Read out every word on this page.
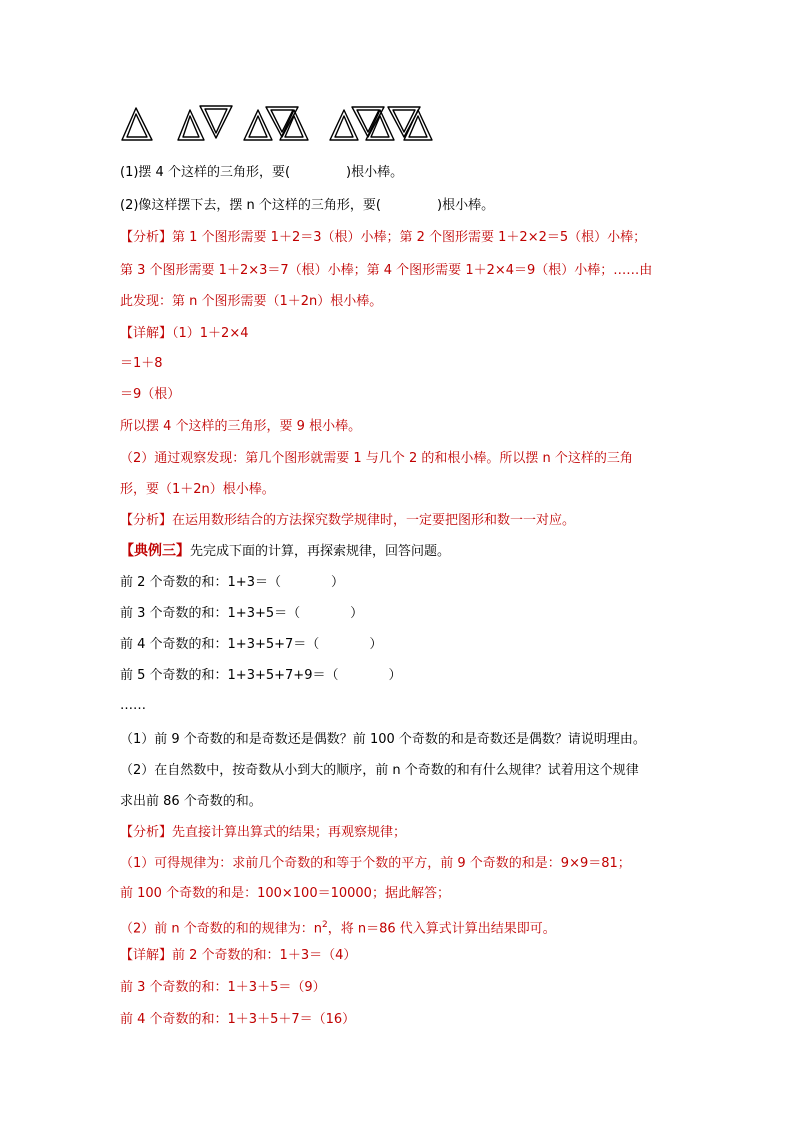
(1)摆 4 个这样的三角形，要(	)根小棒。
(2)像这样摆下去，摆 n 个这样的三角形，要(	)根小棒。
【分析】第 1 个图形需要 1＋2＝3（根）小棒；第 2 个图形需要 1＋2×2＝5（根）小棒；
第 3 个图形需要 1＋2×3＝7（根）小棒；第 4 个图形需要 1＋2×4＝9（根）小棒；……由
此发现：第 n 个图形需要（1＋2n）根小棒。
【详解】（1）1＋2×4
＝1＋8
＝9（根）
所以摆 4 个这样的三角形，要 9 根小棒。
（2）通过观察发现：第几个图形就需要 1 与几个 2 的和根小棒。所以摆 n 个这样的三角
形，要（1＋2n）根小棒。
【分析】在运用数形结合的方法探究数学规律时，一定要把图形和数一一对应。
【典例三】先完成下面的计算，再探索规律，回答问题。
前 2 个奇数的和：1+3＝（	）
前 3 个奇数的和：1+3+5＝（	）
前 4 个奇数的和：1+3+5+7＝（	）
前 5 个奇数的和：1+3+5+7+9＝（	）
……
（1）前 9 个奇数的和是奇数还是偶数？前 100 个奇数的和是奇数还是偶数？请说明理由。
（2）在自然数中，按奇数从小到大的顺序，前 n 个奇数的和有什么规律？试着用这个规律
求出前 86 个奇数的和。
【分析】先直接计算出算式的结果；再观察规律；
（1）可得规律为：求前几个奇数的和等于个数的平方，前 9 个奇数的和是：9×9＝81；
前 100 个奇数的和是：100×100＝10000；据此解答；
（2）前 n 个奇数的和的规律为：$n^2$，将 n＝86 代入算式计算出结果即可。
【详解】前 2 个奇数的和：1＋3＝（4）
前 3 个奇数的和：1＋3＋5＝（9）
前 4 个奇数的和：1＋3＋5＋7＝（16）
